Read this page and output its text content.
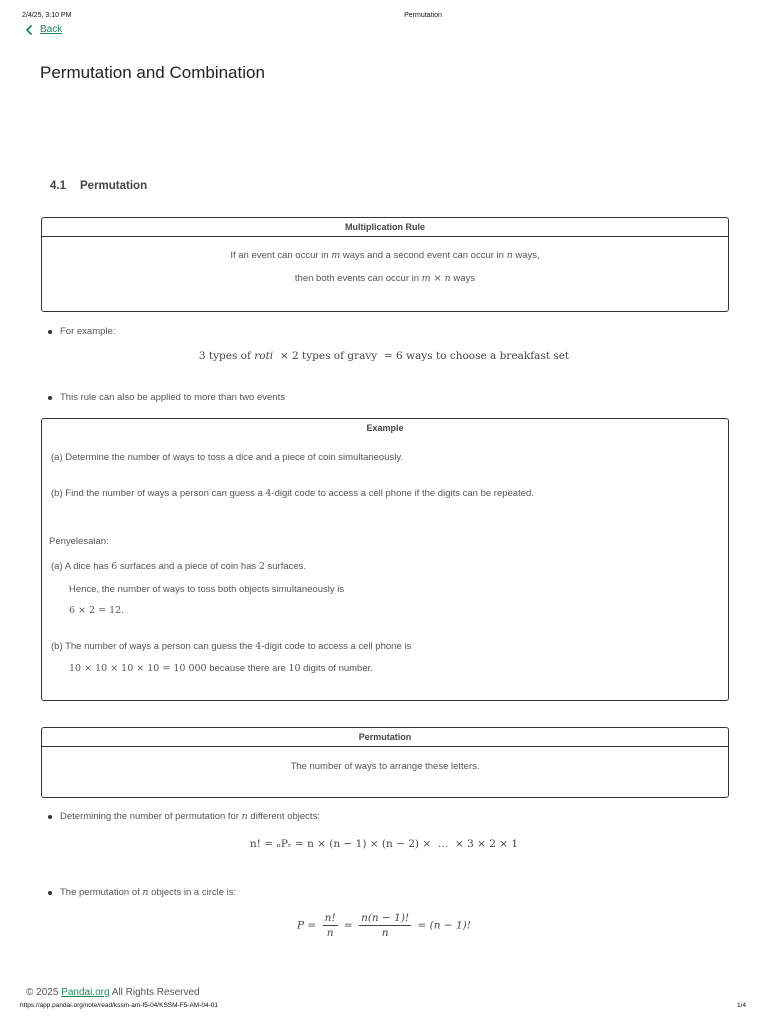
2/4/25, 3:10 PM	Permutation
Back
Permutation and Combination
4.1 Permutation
Multiplication Rule
If an event can occur in m ways and a second event can occur in n ways,
then both events can occur in m × n ways
For example:
3 types of roti  × 2 types of gravy  = 6 ways to choose a breakfast set
This rule can also be applied to more than two events
Example
(a) Determine the number of ways to toss a dice and a piece of coin simultaneously.
(b) Find the number of ways a person can guess a 4-digit code to access a cell phone if the digits can be repeated.
Penyelesaian:
(a) A dice has 6 surfaces and a piece of coin has 2 surfaces.
Hence, the number of ways to toss both objects simultaneously is
6 × 2 = 12.
(b) The number of ways a person can guess the 4-digit code to access a cell phone is
10 × 10 × 10 × 10 = 10 000 because there are 10 digits of number.
Permutation
The number of ways to arrange these letters.
Determining the number of permutation for n different objects:
n! = ₙPᵣ = n × (n − 1) × (n − 2) ×  …  × 3 × 2 × 1
The permutation of n objects in a circle is:
$P = \frac{n!}{n} = \frac{n(n - 1)!}{n} = (n - 1)$!
© 2025 Pandai.org All Rights Reserved
https://app.pandai.org/note/read/kssm-am-f5-04/KSSM-F5-AM-04-01	1/4
